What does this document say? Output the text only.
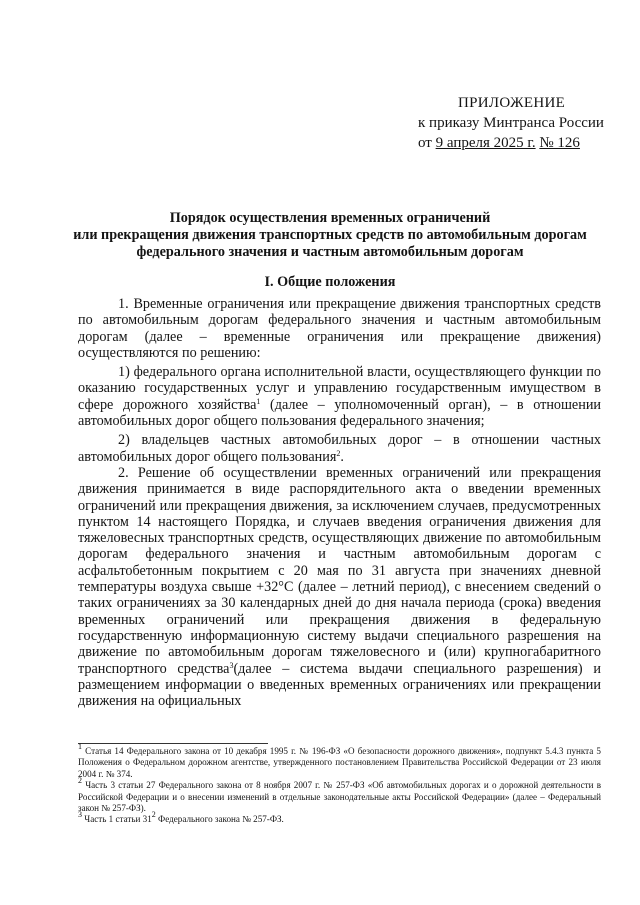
ПРИЛОЖЕНИЕ
к приказу Минтранса России
от 9 апреля 2025 г. № 126
Порядок осуществления временных ограничений
или прекращения движения транспортных средств по автомобильным дорогам
федерального значения и частным автомобильным дорогам
I. Общие положения

1. Временные ограничения или прекращение движения транспортных средств по автомобильным дорогам федерального значения и частным автомобильным дорогам (далее – временные ограничения или прекращение движения) осуществляются по решению:

1) федерального органа исполнительной власти, осуществляющего функции по оказанию государственных услуг и управлению государственным имуществом в сфере дорожного хозяйства$^1$ (далее – уполномоченный орган), – в отношении автомобильных дорог общего пользования федерального значения;

2) владельцев частных автомобильных дорог – в отношении частных автомобильных дорог общего пользования$^2$.

2. Решение об осуществлении временных ограничений или прекращения движения принимается в виде распорядительного акта о введении временных ограничений или прекращения движения, за исключением случаев, предусмотренных пунктом 14 настоящего Порядка, и случаев введения ограничения движения для тяжеловесных транспортных средств, осуществляющих движение по автомобильным дорогам федерального значения и частным автомобильным дорогам с асфальтобетонным покрытием с 20 мая по 31 августа при значениях дневной температуры воздуха свыше +32°С (далее – летний период), с внесением сведений о таких ограничениях за 30 календарных дней до дня начала периода (срока) введения временных ограничений или прекращения движения в федеральную государственную информационную систему выдачи специального разрешения на движение по автомобильным дорогам тяжеловесного и (или) крупногабаритного транспортного средства$^3$(далее – система выдачи специального разрешения) и размещением информации о введенных временных ограничениях или прекращении движения на официальных

$^1$ Статья 14 Федерального закона от 10 декабря 1995 г. № 196-ФЗ «О безопасности дорожного движения», подпункт 5.4.3 пункта 5 Положения о Федеральном дорожном агентстве, утвержденного постановлением Правительства Российской Федерации от 23 июля 2004 г. № 374.

$^2$ Часть 3 статьи 27 Федерального закона от 8 ноября 2007 г. № 257-ФЗ «Об автомобильных дорогах и о дорожной деятельности в Российской Федерации и о внесении изменений в отдельные законодательные акты Российской Федерации» (далее – Федеральный закон № 257-ФЗ).

$^3$ Часть 1 статьи $31^2$ Федерального закона № 257-ФЗ.
